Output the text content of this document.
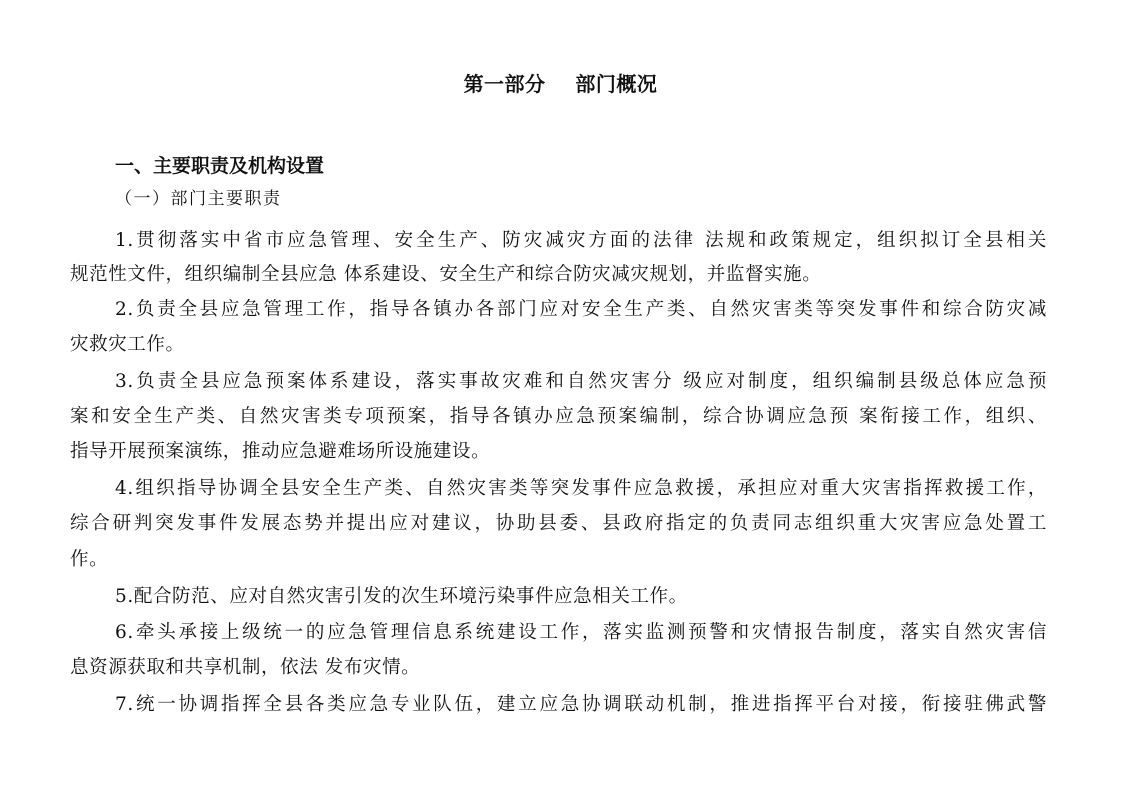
第一部分    部门概况
一、主要职责及机构设置
（一）部门主要职责
1.贯彻落实中省市应急管理、安全生产、防灾减灾方面的法律 法规和政策规定，组织拟订全县相关
规范性文件，组织编制全县应急 体系建设、安全生产和综合防灾减灾规划，并监督实施。
2.负责全县应急管理工作，指导各镇办各部门应对安全生产类、自然灾害类等突发事件和综合防灾减
灾救灾工作。
3.负责全县应急预案体系建设，落实事故灾难和自然灾害分 级应对制度，组织编制县级总体应急预
案和安全生产类、自然灾害类专项预案，指导各镇办应急预案编制，综合协调应急预 案衔接工作，组织、
指导开展预案演练，推动应急避难场所设施建设。
4.组织指导协调全县安全生产类、自然灾害类等突发事件应急救援，承担应对重大灾害指挥救援工作，
综合研判突发事件发展态势并提出应对建议，协助县委、县政府指定的负责同志组织重大灾害应急处置工
作。
5.配合防范、应对自然灾害引发的次生环境污染事件应急相关工作。
6.牵头承接上级统一的应急管理信息系统建设工作，落实监测预警和灾情报告制度，落实自然灾害信
息资源获取和共享机制，依法 发布灾情。
7.统一协调指挥全县各类应急专业队伍，建立应急协调联动机制，推进指挥平台对接，衔接驻佛武警
